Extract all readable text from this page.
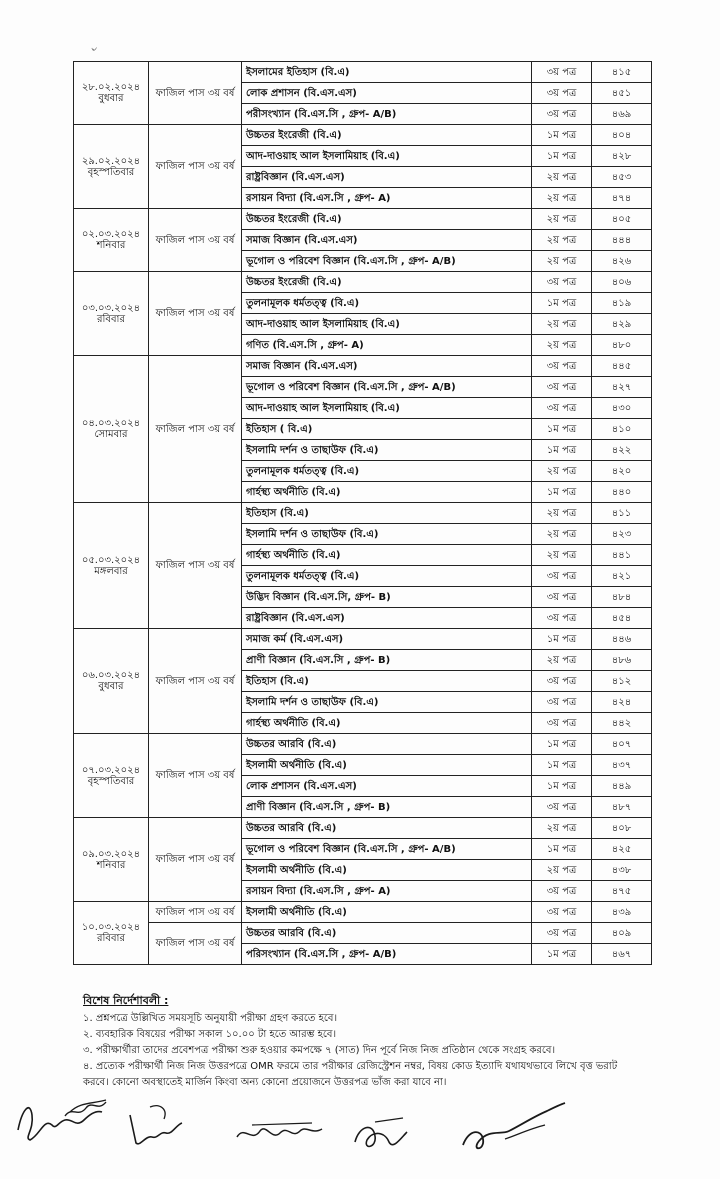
৺
২৮.০২.২০২৪
বুধবার	ফাজিল পাস ৩য় বর্ষ	ইসলামের ইতিহাস (বি.এ)	৩য় পত্র	৪১৫
		লোক প্রশাসন (বি.এস.এস)	৩য় পত্র	৪৫১
		পরীসংখ্যান (বি.এস.সি , গ্রুপ- A/B)	৩য় পত্র	৪৬৯

২৯.০২.২০২৪
বৃহস্পতিবার	ফাজিল পাস ৩য় বর্ষ	উচ্চতর ইংরেজী (বি.এ)	১ম পত্র	৪০৪
		আদ-দাওয়াহ আল ইসলামিয়াহ (বি.এ)	১ম পত্র	৪২৮
		রাষ্ট্রবিজ্ঞান (বি.এস.এস)	২য় পত্র	৪৫৩
		রসায়ন বিদ্যা (বি.এস.সি , গ্রুপ- A)	২য় পত্র	৪৭৪

০২.০৩.২০২৪
শনিবার	ফাজিল পাস ৩য় বর্ষ	উচ্চতর ইংরেজী (বি.এ)	২য় পত্র	৪০৫
		সমাজ বিজ্ঞান (বি.এস.এস)	২য় পত্র	৪৪৪
		ভূগোল ও পরিবেশ বিজ্ঞান (বি.এস.সি , গ্রুপ- A/B)	২য় পত্র	৪২৬

০৩.০৩.২০২৪
রবিবার	ফাজিল পাস ৩য় বর্ষ	উচ্চতর ইংরেজী (বি.এ)	৩য় পত্র	৪০৬
		তুলনামূলক ধর্মতত্ত্ব (বি.এ)	১ম পত্র	৪১৯
		আদ-দাওয়াহ আল ইসলামিয়াহ (বি.এ)	২য় পত্র	৪২৯
		গণিত (বি.এস.সি , গ্রুপ- A)	২য় পত্র	৪৮০

০৪.০৩.২০২৪
সোমবার	ফাজিল পাস ৩য় বর্ষ	সমাজ বিজ্ঞান (বি.এস.এস)	৩য় পত্র	৪৪৫
		ভূগোল ও পরিবেশ বিজ্ঞান (বি.এস.সি , গ্রুপ- A/B)	৩য় পত্র	৪২৭
		আদ-দাওয়াহ আল ইসলামিয়াহ (বি.এ)	৩য় পত্র	৪৩০
		ইতিহাস ( বি.এ)	১ম পত্র	৪১০
		ইসলামি দর্শন ও তাছাউফ (বি.এ)	১ম পত্র	৪২২
		তুলনামূলক ধর্মতত্ত্ব (বি.এ)	২য় পত্র	৪২০
		গার্হস্থ্য অর্থনীতি (বি.এ)	১ম পত্র	৪৪০

০৫.০৩.২০২৪
মঙ্গলবার	ফাজিল পাস ৩য় বর্ষ	ইতিহাস (বি.এ)	২য় পত্র	৪১১
		ইসলামি দর্শন ও তাছাউফ (বি.এ)	২য় পত্র	৪২৩
		গার্হস্থ্য অর্থনীতি (বি.এ)	২য় পত্র	৪৪১
		তুলনামূলক ধর্মতত্ত্ব (বি.এ)	৩য় পত্র	৪২১
		উদ্ভিদ বিজ্ঞান (বি.এস.সি, গ্রুপ- B)	৩য় পত্র	৪৮৪
		রাষ্ট্রবিজ্ঞান (বি.এস.এস)	৩য় পত্র	৪৫৪

০৬.০৩.২০২৪
বুধবার	ফাজিল পাস ৩য় বর্ষ	সমাজ কর্ম (বি.এস.এস)	১ম পত্র	৪৪৬
		প্রাণী বিজ্ঞান (বি.এস.সি , গ্রুপ- B)	২য় পত্র	৪৮৬
		ইতিহাস (বি.এ)	৩য় পত্র	৪১২
		ইসলামি দর্শন ও তাছাউফ (বি.এ)	৩য় পত্র	৪২৪
		গার্হস্থ্য অর্থনীতি (বি.এ)	৩য় পত্র	৪৪২

০৭.০৩.২০২৪
বৃহস্পতিবার	ফাজিল পাস ৩য় বর্ষ	উচ্চতর আরবি (বি.এ)	১ম পত্র	৪০৭
		ইসলামী অর্থনীতি (বি.এ)	১ম পত্র	৪৩৭
		লোক প্রশাসন (বি.এস.এস)	১ম পত্র	৪৪৯
		প্রাণী বিজ্ঞান (বি.এস.সি , গ্রুপ- B)	৩য় পত্র	৪৮৭

০৯.০৩.২০২৪
শনিবার	ফাজিল পাস ৩য় বর্ষ	উচ্চতর আরবি (বি.এ)	২য় পত্র	৪০৮
		ভূগোল ও পরিবেশ বিজ্ঞান (বি.এস.সি , গ্রুপ- A/B)	১ম পত্র	৪২৫
		ইসলামী অর্থনীতি (বি.এ)	২য় পত্র	৪৩৮
		রসায়ন বিদ্যা (বি.এস.সি , গ্রুপ- A)	৩য় পত্র	৪৭৫

১০.০৩.২০২৪
রবিবার	ফাজিল পাস ৩য় বর্ষ	ইসলামী অর্থনীতি (বি.এ)	৩য় পত্র	৪৩৯
	ফাজিল পাস ৩য় বর্ষ	উচ্চতর আরবি (বি.এ)	৩য় পত্র	৪০৯
		পরিসংখ্যান (বি.এস.সি , গ্রুপ- A/B)	১ম পত্র	৪৬৭
বিশেষ নির্দেশাবলী :
১. প্রশ্নপত্রে উল্লিখিত সময়সূচি অনুযায়ী পরীক্ষা গ্রহণ করতে হবে।
২. ব্যবহারিক বিষয়ের পরীক্ষা সকাল ১০.০০ টা হতে আরম্ভ হবে।
৩. পরীক্ষার্থীরা তাদের প্রবেশপত্র পরীক্ষা শুরু হওয়ার কমপক্ষে ৭ (সাত) দিন পূর্বে নিজ নিজ প্রতিষ্ঠান থেকে সংগ্রহ করবে।
৪. প্রত্যেক পরীক্ষার্থী নিজ নিজ উত্তরপত্রে OMR ফরমে তার পরীক্ষার রেজিস্ট্রেশন নম্বর, বিষয় কোড ইত্যাদি যথাযথভাবে লিখে বৃত্ত ভরাট করবে। কোনো অবস্থাতেই মার্জিন কিংবা অন্য কোনো প্রয়োজনে উত্তরপত্র ভাঁজ করা যাবে না।
